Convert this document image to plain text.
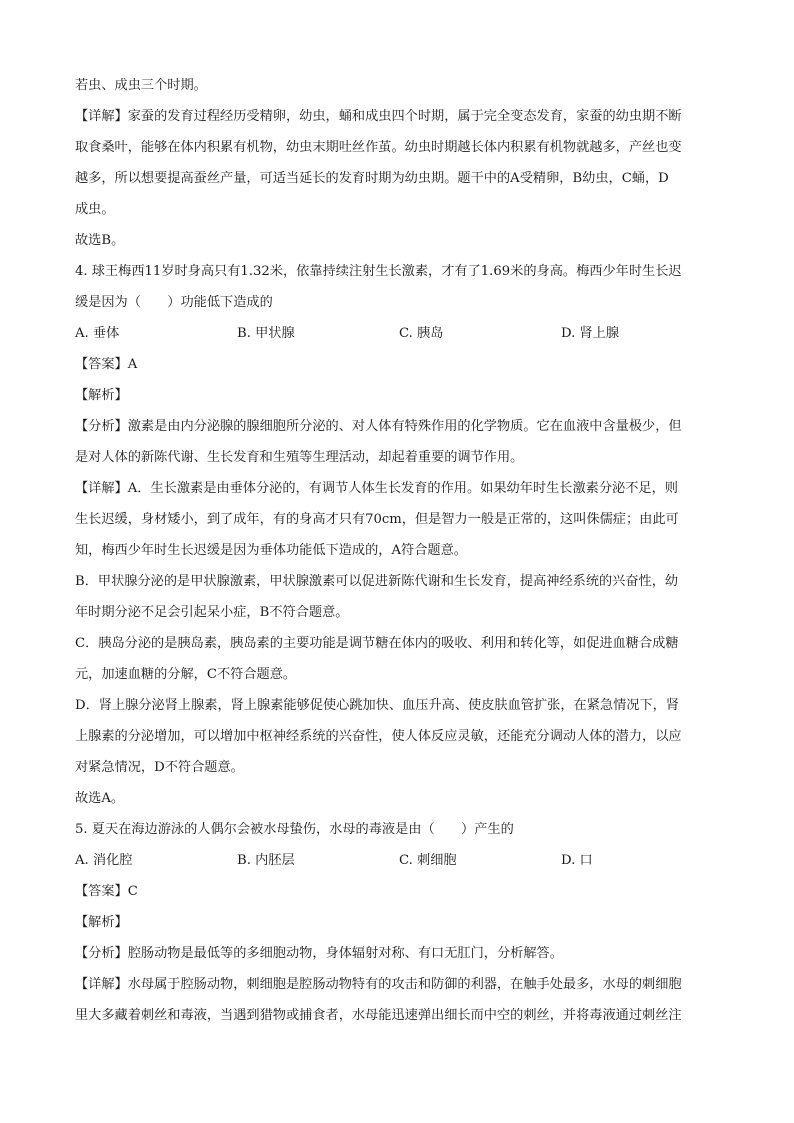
若虫、成虫三个时期。
【详解】家蚕的发育过程经历受精卵，幼虫，蛹和成虫四个时期，属于完全变态发育，家蚕的幼虫期不断
取食桑叶，能够在体内积累有机物，幼虫末期吐丝作茧。幼虫时期越长体内积累有机物就越多，产丝也变
越多，所以想要提高蚕丝产量，可适当延长的发育时期为幼虫期。题干中的A受精卵，B幼虫，C蛹，D
成虫。
故选B。
4. 球王梅西11岁时身高只有1.32米，依靠持续注射生长激素，才有了1.69米的身高。梅西少年时生长迟
缓是因为（　　）功能低下造成的
A. 垂体	B. 甲状腺	C. 胰岛	D. 肾上腺
【答案】A
【解析】
【分析】激素是由内分泌腺的腺细胞所分泌的、对人体有特殊作用的化学物质。它在血液中含量极少，但
是对人体的新陈代谢、生长发育和生殖等生理活动，却起着重要的调节作用。
【详解】A．生长激素是由垂体分泌的，有调节人体生长发育的作用。如果幼年时生长激素分泌不足，则
生长迟缓，身材矮小，到了成年，有的身高才只有70cm，但是智力一般是正常的，这叫侏儒症；由此可
知，梅西少年时生长迟缓是因为垂体功能低下造成的，A符合题意。
B．甲状腺分泌的是甲状腺激素，甲状腺激素可以促进新陈代谢和生长发育，提高神经系统的兴奋性，幼
年时期分泌不足会引起呆小症，B不符合题意。
C．胰岛分泌的是胰岛素，胰岛素的主要功能是调节糖在体内的吸收、利用和转化等，如促进血糖合成糖
元，加速血糖的分解，C不符合题意。
D．肾上腺分泌肾上腺素，肾上腺素能够促使心跳加快、血压升高、使皮肤血管扩张，在紧急情况下，肾
上腺素的分泌增加，可以增加中枢神经系统的兴奋性，使人体反应灵敏，还能充分调动人体的潜力，以应
对紧急情况，D不符合题意。
故选A。
5. 夏天在海边游泳的人偶尔会被水母蛰伤，水母的毒液是由（　　）产生的
A. 消化腔	B. 内胚层	C. 刺细胞	D. 口
【答案】C
【解析】
【分析】腔肠动物是最低等的多细胞动物，身体辐射对称、有口无肛门，分析解答。
【详解】水母属于腔肠动物，刺细胞是腔肠动物特有的攻击和防御的利器，在触手处最多，水母的刺细胞
里大多藏着刺丝和毒液，当遇到猎物或捕食者，水母能迅速弹出细长而中空的刺丝，并将毒液通过刺丝注
